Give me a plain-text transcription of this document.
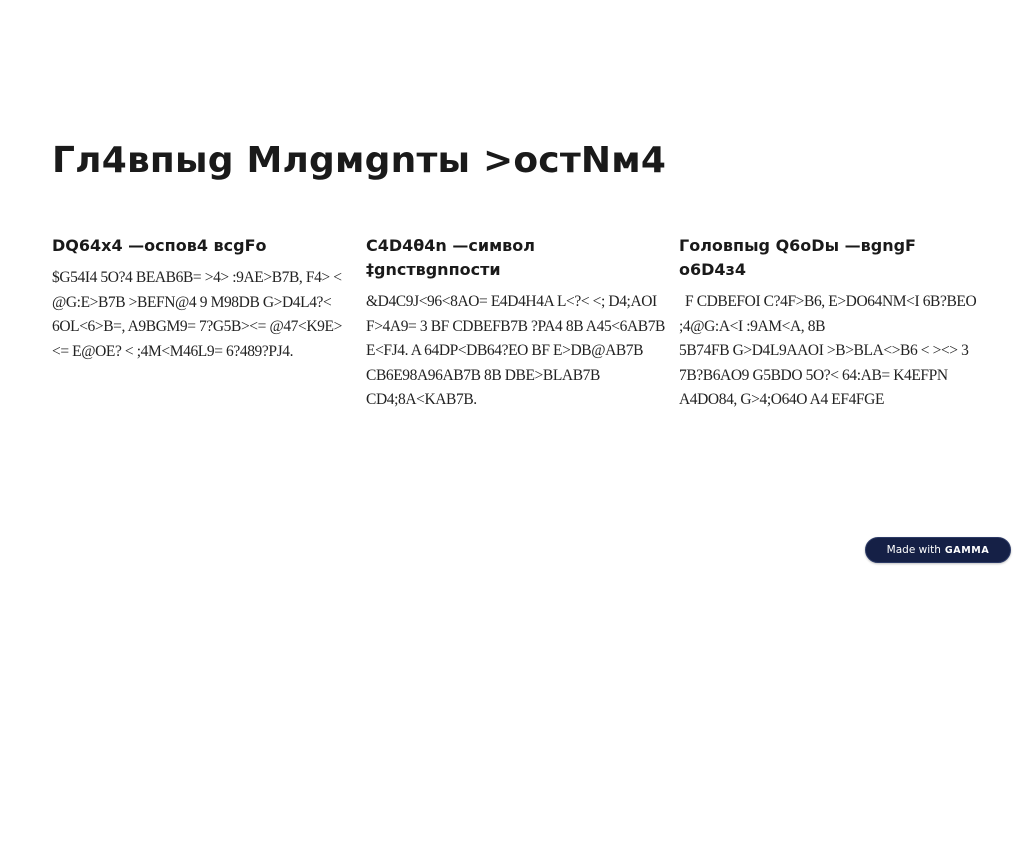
Гл4впыg Млgмgnты >остNм4
DQ64x4 —оспов4 всgFо

$G54I4 5O?4 BEAB6B= >4> :9AE>B7B, F4> < @G:E>B7B >BEFN@4 9 M98DB G>D4L4?< 6OL<6>B=, A9BGM9= 7?G5B><= @47<K9E><= E@OE? < ;4M<M46L9= 6?489?PJ4.

C4D4θ4n —символ ‡gnствgnпости

&D4C9J<96<8AO= E4D4H4A L<?< <; D4;AOI F>4A9= 3 BF CDBEFB7B ?PA4 8B A45<6AB7B E<FJ4. A 64DP<DB64?EO BF E>DB@AB7B CB6E98A96AB7B 8B DBE>BLAB7B CD4;8A<KAB7B.

Головпыg Q6oDы —вgngF о6D4з4

F CDBEFOI C?4F>B6, E>DO64NM<I 6B?BEO ;4@G:A<I :9AM<A, 8B

5B74FB G>D4L9AAOI >B>BLA<>B6 < ><> 3 7B?B6AO9 G5BDO 5O?< 64:AB= K4EFPN A4DO84, G>4;O64O A4 EF4FGE

Made with GAMMA
